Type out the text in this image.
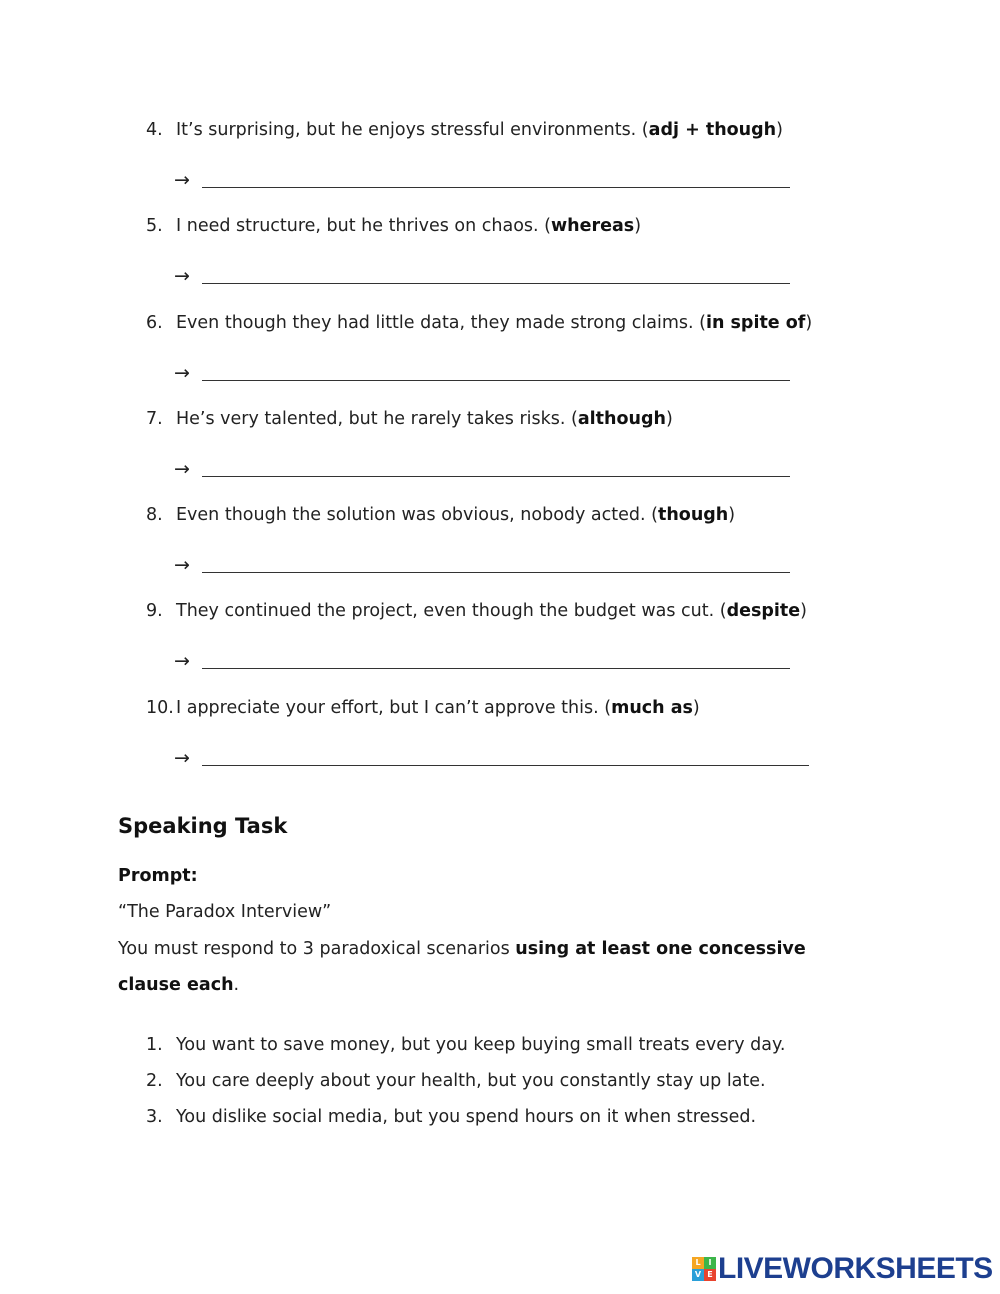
4. It’s surprising, but he enjoys stressful environments. (adj + though)
→
5. I need structure, but he thrives on chaos. (whereas)
→
6. Even though they had little data, they made strong claims. (in spite of)
→
7. He’s very talented, but he rarely takes risks. (although)
→
8. Even though the solution was obvious, nobody acted. (though)
→
9. They continued the project, even though the budget was cut. (despite)
→
10. I appreciate your effort, but I can’t approve this. (much as)
→
Speaking Task
Prompt:
“The Paradox Interview”
You must respond to 3 paradoxical scenarios using at least one concessive clause each.
1. You want to save money, but you keep buying small treats every day.
2. You care deeply about your health, but you constantly stay up late.
3. You dislike social media, but you spend hours on it when stressed.
L I
V E LIVEWORKSHEETS
